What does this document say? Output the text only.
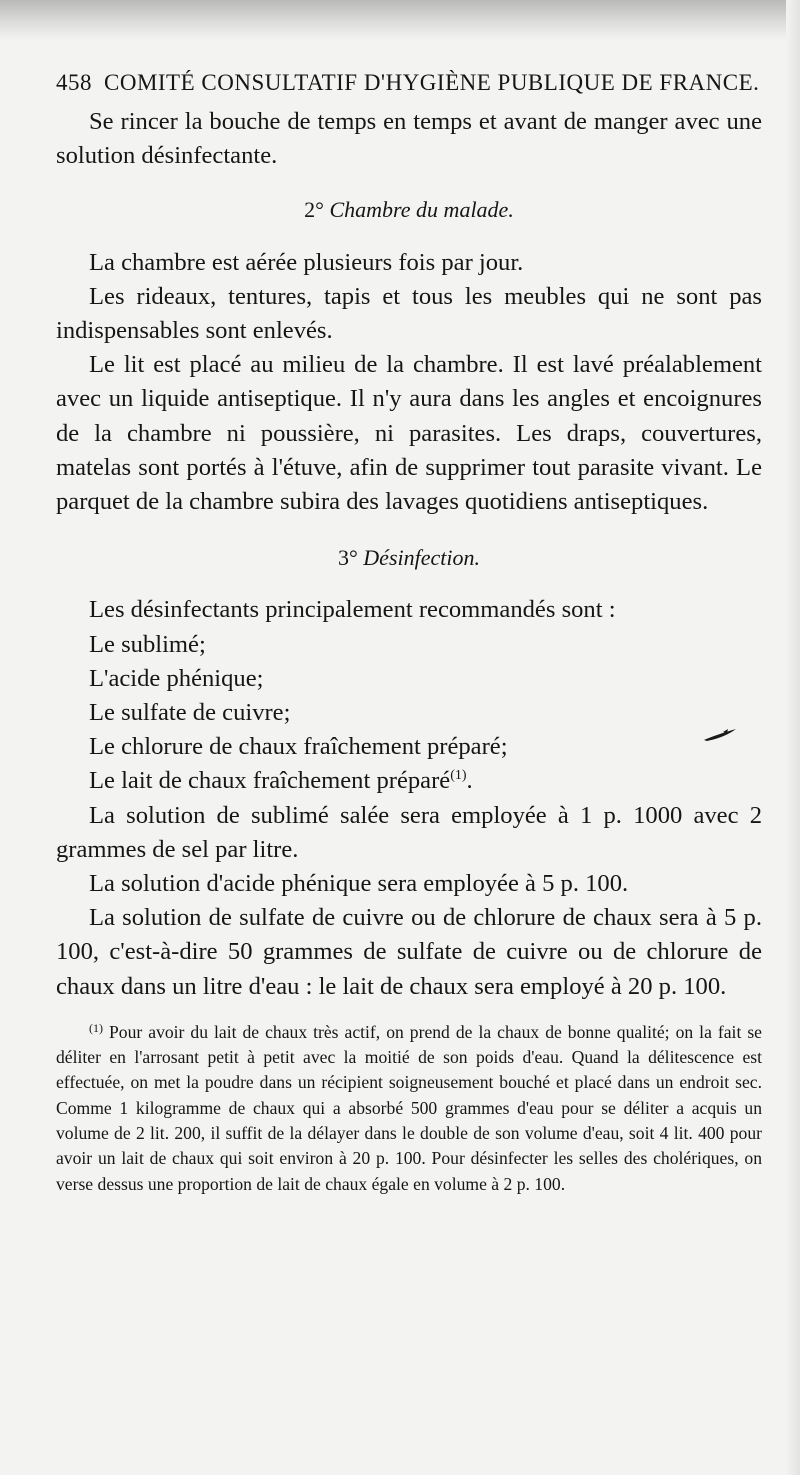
458 COMITÉ CONSULTATIF D'HYGIÈNE PUBLIQUE DE FRANCE.

Se rincer la bouche de temps en temps et avant de manger avec une solution désinfectante.

2° Chambre du malade.

La chambre est aérée plusieurs fois par jour.

Les rideaux, tentures, tapis et tous les meubles qui ne sont pas indispensables sont enlevés.

Le lit est placé au milieu de la chambre. Il est lavé préalablement avec un liquide antiseptique. Il n'y aura dans les angles et encoignures de la chambre ni poussière, ni parasites. Les draps, couvertures, matelas sont portés à l'étuve, afin de supprimer tout parasite vivant. Le parquet de la chambre subira des lavages quotidiens antiseptiques.

3° Désinfection.

Les désinfectants principalement recommandés sont :

Le sublimé;

L'acide phénique;

Le sulfate de cuivre;

Le chlorure de chaux fraîchement préparé;

Le lait de chaux fraîchement préparé$^{(1)}$.

La solution de sublimé salée sera employée à 1 p. 1000 avec 2 grammes de sel par litre.

La solution d'acide phénique sera employée à 5 p. 100.

La solution de sulfate de cuivre ou de chlorure de chaux sera à 5 p. 100, c'est-à-dire 50 grammes de sulfate de cuivre ou de chlorure de chaux dans un litre d'eau : le lait de chaux sera employé à 20 p. 100.

$^{(1)}$ Pour avoir du lait de chaux très actif, on prend de la chaux de bonne qualité; on la fait se déliter en l'arrosant petit à petit avec la moitié de son poids d'eau. Quand la délitescence est effectuée, on met la poudre dans un récipient soigneusement bouché et placé dans un endroit sec. Comme 1 kilogramme de chaux qui a absorbé 500 grammes d'eau pour se déliter a acquis un volume de 2 lit. 200, il suffit de la délayer dans le double de son volume d'eau, soit 4 lit. 400 pour avoir un lait de chaux qui soit environ à 20 p. 100. Pour désinfecter les selles des cholériques, on verse dessus une proportion de lait de chaux égale en volume à 2 p. 100.
